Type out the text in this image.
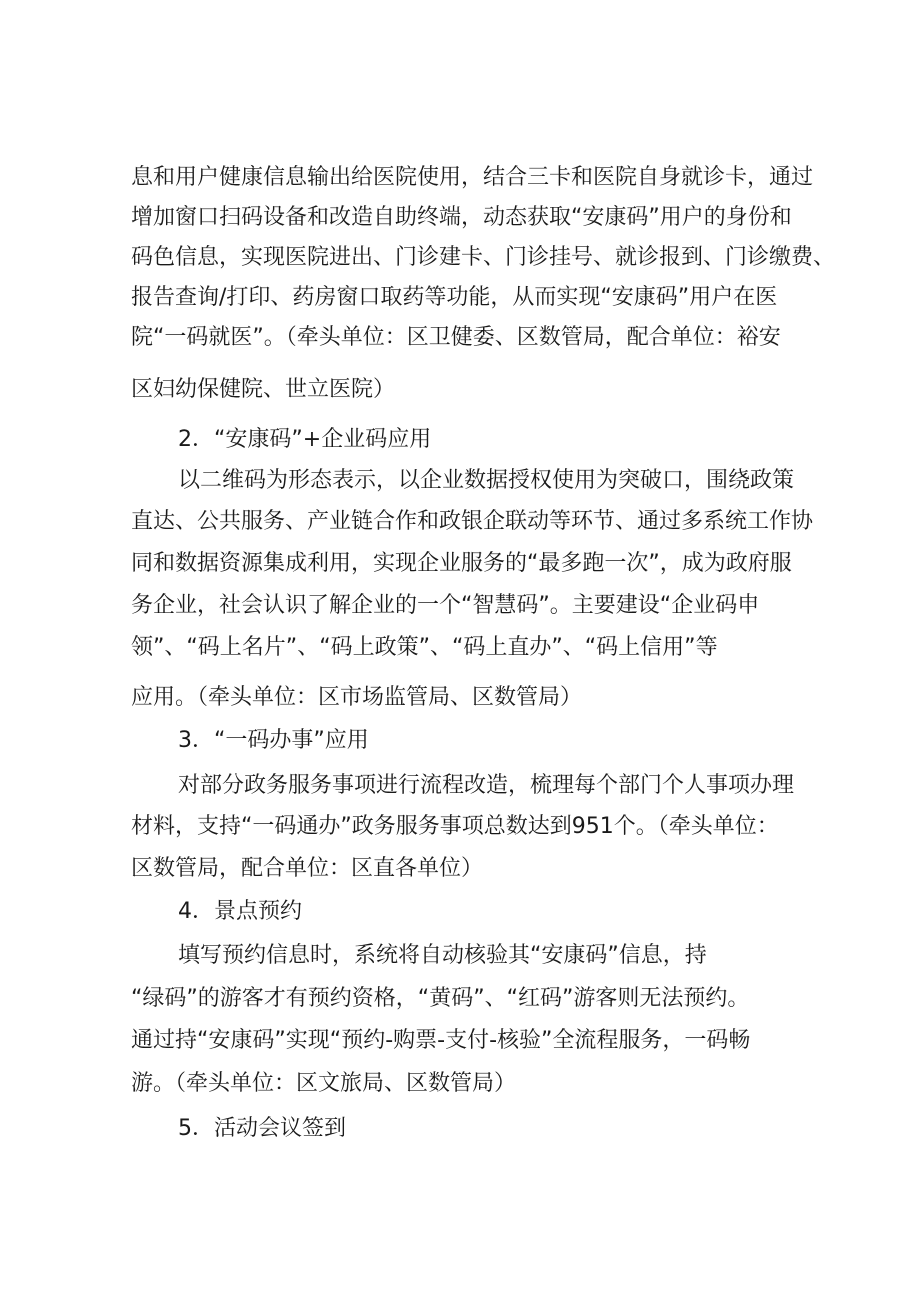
息和用户健康信息输出给医院使用，结合三卡和医院自身就诊卡，通过
增加窗口扫码设备和改造自助终端，动态获取“安康码”用户的身份和
码色信息，实现医院进出、门诊建卡、门诊挂号、就诊报到、门诊缴费、
报告查询/打印、药房窗口取药等功能，从而实现“安康码”用户在医
院“一码就医”。（牵头单位：区卫健委、区数管局，配合单位：裕安
区妇幼保健院、世立医院）
2．“安康码”+企业码应用
以二维码为形态表示，以企业数据授权使用为突破口，围绕政策
直达、公共服务、产业链合作和政银企联动等环节、通过多系统工作协
同和数据资源集成利用，实现企业服务的“最多跑一次”，成为政府服
务企业，社会认识了解企业的一个“智慧码”。主要建设“企业码申
领”、“码上名片”、“码上政策”、“码上直办”、“码上信用”等
应用。（牵头单位：区市场监管局、区数管局）
3．“一码办事”应用
对部分政务服务事项进行流程改造，梳理每个部门个人事项办理
材料，支持“一码通办”政务服务事项总数达到951个。（牵头单位：
区数管局，配合单位：区直各单位）
4．景点预约
填写预约信息时，系统将自动核验其“安康码”信息，持
“绿码”的游客才有预约资格，“黄码”、“红码”游客则无法预约。
通过持“安康码”实现“预约-购票-支付-核验”全流程服务，一码畅
游。（牵头单位：区文旅局、区数管局）
5．活动会议签到
